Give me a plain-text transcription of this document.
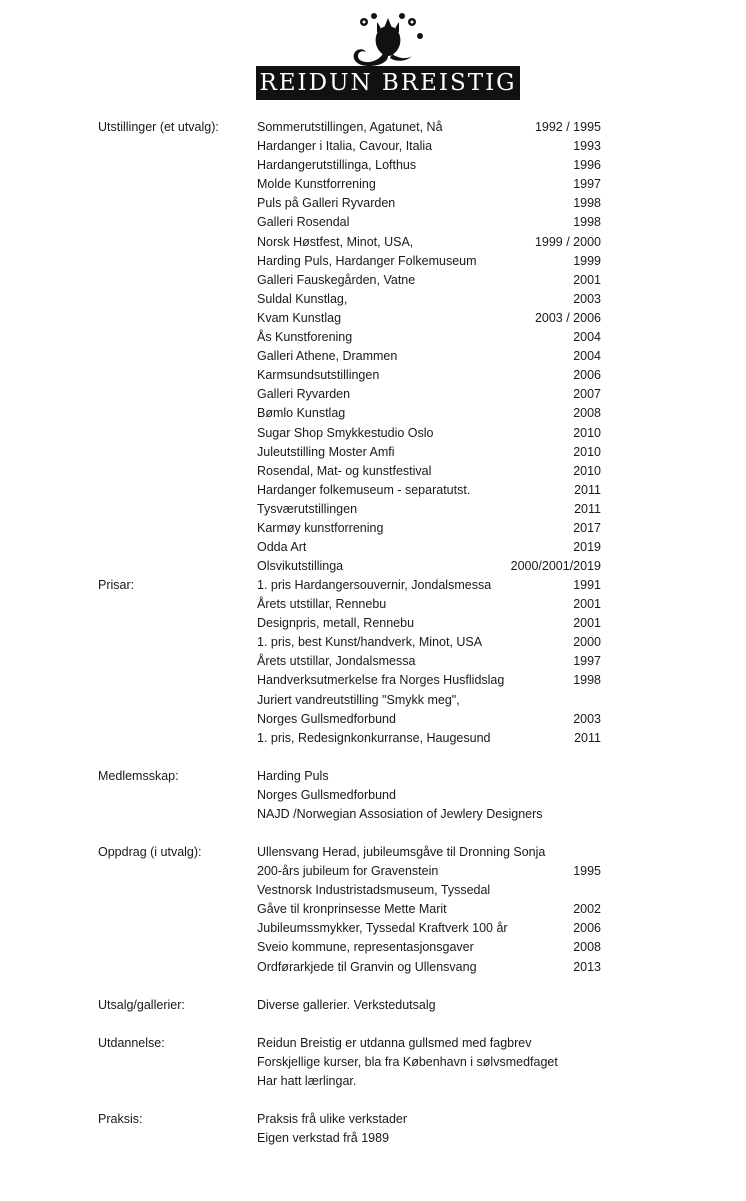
REIDUN BREISTIG
Utstillinger (et utvalg):	Sommerutstillingen, Agatunet, Nå	1992 / 1995
Hardanger i Italia, Cavour, Italia	1993
Hardangerutstillinga, Lofthus	1996
Molde Kunstforrening	1997
Puls på Galleri Ryvarden	1998
Galleri Rosendal	1998
Norsk Høstfest, Minot, USA,	1999 / 2000
Harding Puls, Hardanger Folkemuseum	1999
Galleri Fauskegården, Vatne	2001
Suldal Kunstlag,	2003
Kvam Kunstlag	2003 / 2006
Ås Kunstforening	2004
Galleri Athene, Drammen	2004
Karmsundsutstillingen	2006
Galleri Ryvarden	2007
Bømlo Kunstlag	2008
Sugar Shop Smykkestudio Oslo	2010
Juleutstilling Moster Amfi	2010
Rosendal, Mat- og kunstfestival	2010
Hardanger folkemuseum - separatutst.	2011
Tysværutstillingen	2011
Karmøy kunstforrening	2017
Odda Art	2019
Olsvikutstillinga	2000/2001/2019
Prisar:	1. pris Hardangersouvernir, Jondalsmessa	1991
Årets utstillar, Rennebu	2001
Designpris, metall, Rennebu	2001
1. pris, best Kunst/handverk, Minot, USA	2000
Årets utstillar, Jondalsmessa	1997
Handverksutmerkelse fra Norges Husflidslag	1998
Juriert vandreutstilling "Smykk meg",
Norges Gullsmedforbund	2003
1. pris, Redesignkonkurranse, Haugesund	2011
Medlemsskap:	Harding Puls
Norges Gullsmedforbund
NAJD /Norwegian Assosiation of Jewlery Designers
Oppdrag (i utvalg):	Ullensvang Herad, jubileumsgåve til Dronning Sonja
200-års jubileum for Gravenstein	1995
Vestnorsk Industristadsmuseum, Tyssedal
Gåve til kronprinsesse Mette Marit	2002
Jubileumssmykker, Tyssedal Kraftverk 100 år	2006
Sveio kommune, representasjonsgaver	2008
Ordførarkjede til Granvin og Ullensvang	2013
Utsalg/gallerier:	Diverse gallerier. Verkstedutsalg
Utdannelse:	Reidun Breistig er utdanna gullsmed med fagbrev
Forskjellige kurser, bla fra København i sølvsmedfaget
Har hatt lærlingar.
Praksis:	Praksis frå ulike verkstader
Eigen verkstad frå 1989
